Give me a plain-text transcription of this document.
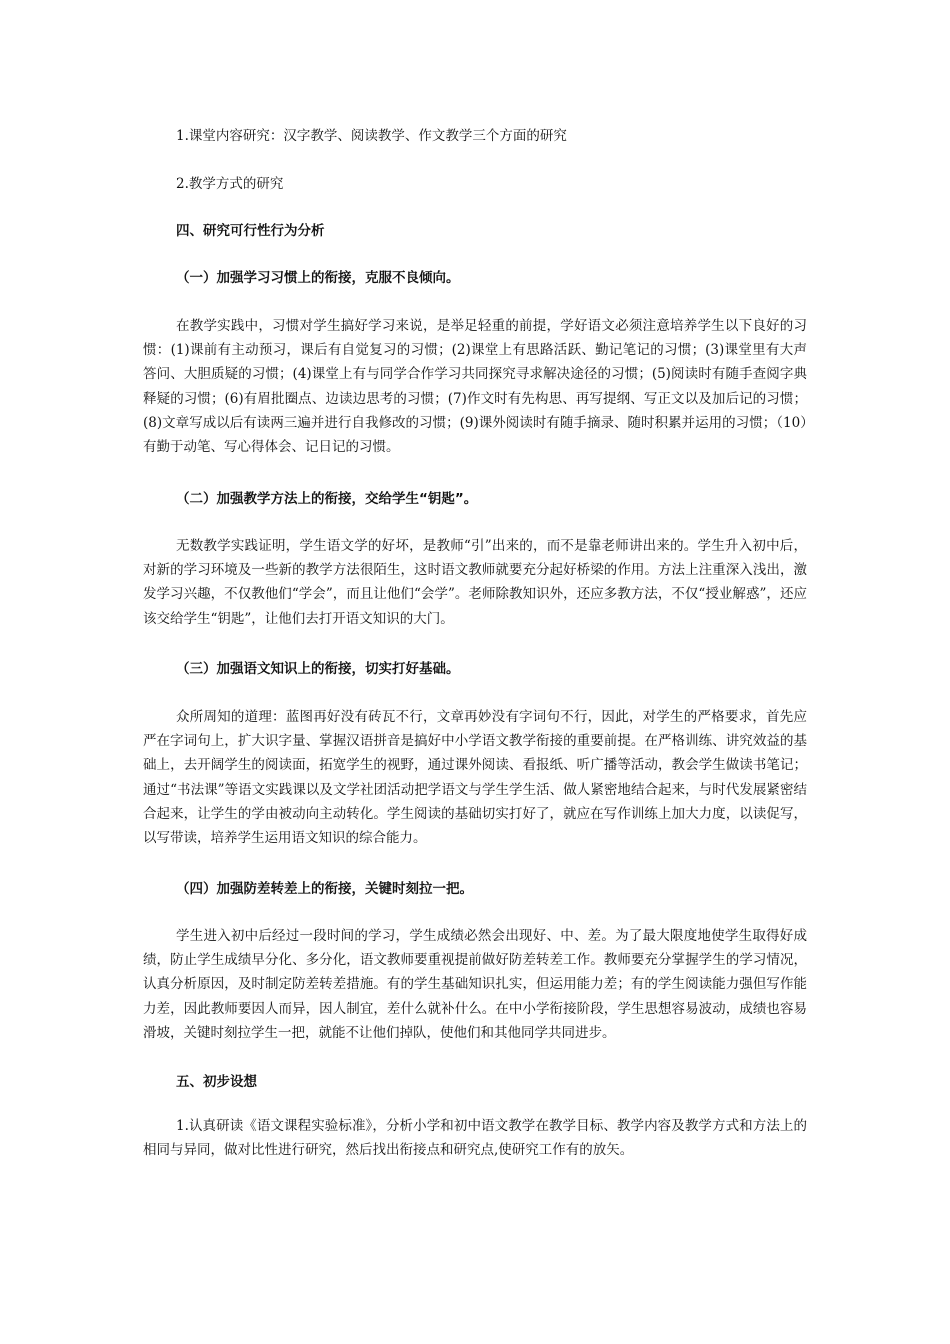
1.课堂内容研究：汉字教学、阅读教学、作文教学三个方面的研究

2.教学方式的研究

四、研究可行性行为分析

（一）加强学习习惯上的衔接，克服不良倾向。

在教学实践中，习惯对学生搞好学习来说，是举足轻重的前提，学好语文必须注意培养学生以下良好的习惯：(1)课前有主动预习，课后有自觉复习的习惯；(2)课堂上有思路活跃、勤记笔记的习惯；(3)课堂里有大声答问、大胆质疑的习惯；(4)课堂上有与同学合作学习共同探究寻求解决途径的习惯；(5)阅读时有随手查阅字典释疑的习惯；(6)有眉批圈点、边读边思考的习惯；(7)作文时有先构思、再写提纲、写正文以及加后记的习惯；(8)文章写成以后有读两三遍并进行自我修改的习惯；(9)课外阅读时有随手摘录、随时积累并运用的习惯；（10）有勤于动笔、写心得体会、记日记的习惯。

（二）加强教学方法上的衔接，交给学生“钥匙”。

无数教学实践证明，学生语文学的好坏，是教师“引”出来的，而不是靠老师讲出来的。学生升入初中后，对新的学习环境及一些新的教学方法很陌生，这时语文教师就要充分起好桥梁的作用。方法上注重深入浅出，激发学习兴趣，不仅教他们“学会”，而且让他们“会学”。老师除教知识外，还应多教方法，不仅“授业解惑”，还应该交给学生“钥匙”，让他们去打开语文知识的大门。

（三）加强语文知识上的衔接，切实打好基础。

众所周知的道理：蓝图再好没有砖瓦不行，文章再妙没有字词句不行，因此，对学生的严格要求，首先应严在字词句上，扩大识字量、掌握汉语拼音是搞好中小学语文教学衔接的重要前提。在严格训练、讲究效益的基础上，去开阔学生的阅读面，拓宽学生的视野，通过课外阅读、看报纸、听广播等活动，教会学生做读书笔记；通过“书法课”等语文实践课以及文学社团活动把学语文与学生学生活、做人紧密地结合起来，与时代发展紧密结合起来，让学生的学由被动向主动转化。学生阅读的基础切实打好了，就应在写作训练上加大力度，以读促写，以写带读，培养学生运用语文知识的综合能力。

（四）加强防差转差上的衔接，关键时刻拉一把。

学生进入初中后经过一段时间的学习，学生成绩必然会出现好、中、差。为了最大限度地使学生取得好成绩，防止学生成绩早分化、多分化，语文教师要重视提前做好防差转差工作。教师要充分掌握学生的学习情况，认真分析原因，及时制定防差转差措施。有的学生基础知识扎实，但运用能力差；有的学生阅读能力强但写作能力差，因此教师要因人而异，因人制宜，差什么就补什么。在中小学衔接阶段，学生思想容易波动，成绩也容易滑坡，关键时刻拉学生一把，就能不让他们掉队，使他们和其他同学共同进步。

五、初步设想

1.认真研读《语文课程实验标准》，分析小学和初中语文教学在教学目标、教学内容及教学方式和方法上的相同与异同，做对比性进行研究，然后找出衔接点和研究点,使研究工作有的放矢。
